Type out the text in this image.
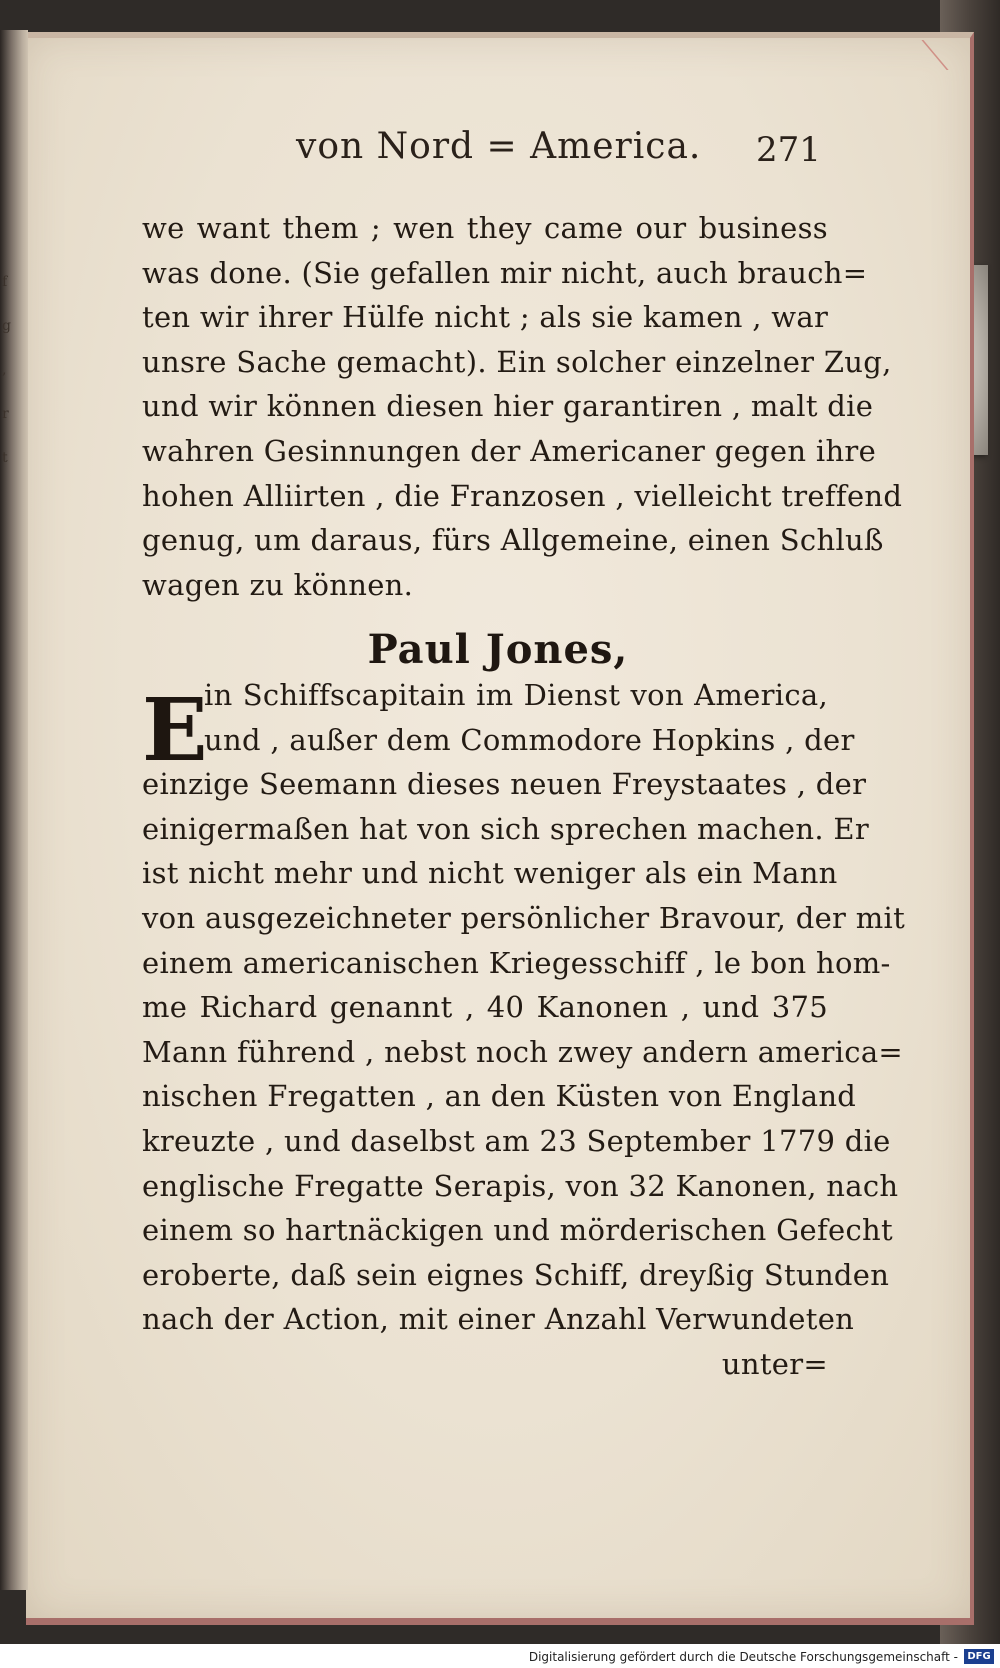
von Nord = America.	271
we want them ; wen they came our business
was done. (Sie gefallen mir nicht, auch brauch=
ten wir ihrer Hülfe nicht ; als sie kamen , war
unsre Sache gemacht). Ein solcher einzelner Zug,
und wir können diesen hier garantiren , malt die
wahren Gesinnungen der Americaner gegen ihre
hohen Alliirten , die Franzosen , vielleicht treffend
genug, um daraus, fürs Allgemeine, einen Schluß
wagen zu können.
Paul Jones,
E
in Schiffscapitain im Dienst von America,
und , außer dem Commodore Hopkins , der
einzige Seemann dieses neuen Freystaates , der
einigermaßen hat von sich sprechen machen. Er
ist nicht mehr und nicht weniger als ein Mann
von ausgezeichneter persönlicher Bravour, der mit
einem americanischen Kriegesschiff , le bon hom-
me Richard genannt , 40 Kanonen , und 375
Mann führend , nebst noch zwey andern america=
nischen Fregatten , an den Küsten von England
kreuzte , und daselbst am 23 September 1779 die
englische Fregatte Serapis, von 32 Kanonen, nach
einem so hartnäckigen und mörderischen Gefecht
eroberte, daß sein eignes Schiff, dreyßig Stunden
nach der Action, mit einer Anzahl Verwundeten
unter=
f
g
,
r
t
Digitalisierung gefördert durch die Deutsche Forschungsgemeinschaft - DFG
